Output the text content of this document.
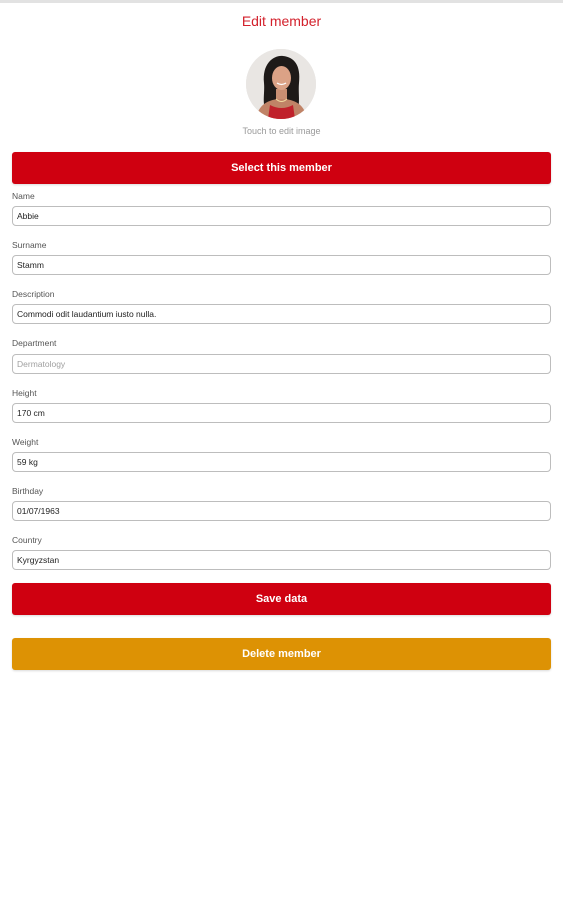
Edit member
Touch to edit image
Select this member
Name
Abbie
Surname
Stamm
Description
Commodi odit laudantium iusto nulla.
Department
Dermatology
Height
170 cm
Weight
59 kg
Birthday
01/07/1963
Country
Kyrgyzstan
Save data
Delete member
